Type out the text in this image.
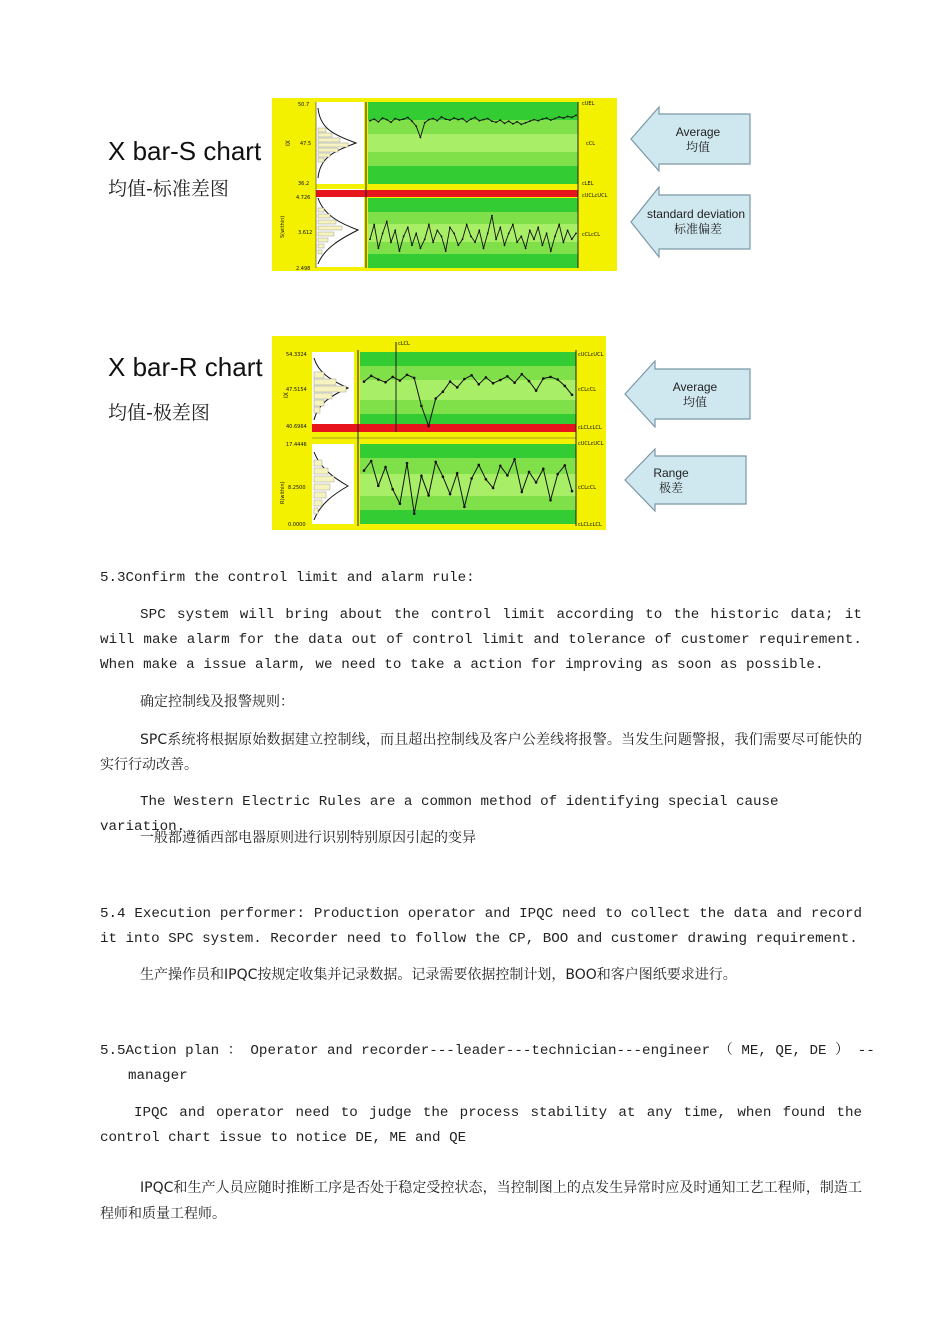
X bar-S chart
均值-标准差图
IX
S(within)
50.7
47.5
36.2
4.726
3.612
2.498
cUEL
cCL
cLEL
cUCLcUCL
cCLcCL
Average
均值
standard deviation
标准偏差
X bar-R chart
均值-极差图
IX
R(within)
54.3324
47.5154
40.6964
17.4446
8.2500
0.0000
cLCL
cUCLcUCL
cCLcCL
cLCLcLCL
cUCLcUCL
cCLcCL
cLCLcLCL
Average
均值
Range
极差
5.3Confirm the control limit and alarm rule:
SPC system will bring about the control limit according to the historic data; it will make alarm for the data out of control limit and tolerance of customer requirement. When make a issue alarm, we need to take a action for improving as soon as possible.
确定控制线及报警规则：
SPC系统将根据原始数据建立控制线，而且超出控制线及客户公差线将报警。当发生问题警报，我们需要尽可能快的实行行动改善。
The Western Electric Rules are a common method of identifying special cause variation.
一般都遵循西部电器原则进行识别特别原因引起的变异
5.4 Execution performer: Production operator and IPQC need to collect the data and record it into SPC system. Recorder need to follow the CP, BOO and customer drawing requirement.
生产操作员和IPQC按规定收集并记录数据。记录需要依据控制计划，BOO和客户图纸要求进行。
5.5Action plan ： Operator and recorder---leader---technician---engineer （ ME, QE, DE ） --
manager
IPQC and operator need to judge the process stability at any time, when found the control chart issue to notice DE, ME and QE
IPQC和生产人员应随时推断工序是否处于稳定受控状态，当控制图上的点发生异常时应及时通知工艺工程师，制造工程师和质量工程师。
